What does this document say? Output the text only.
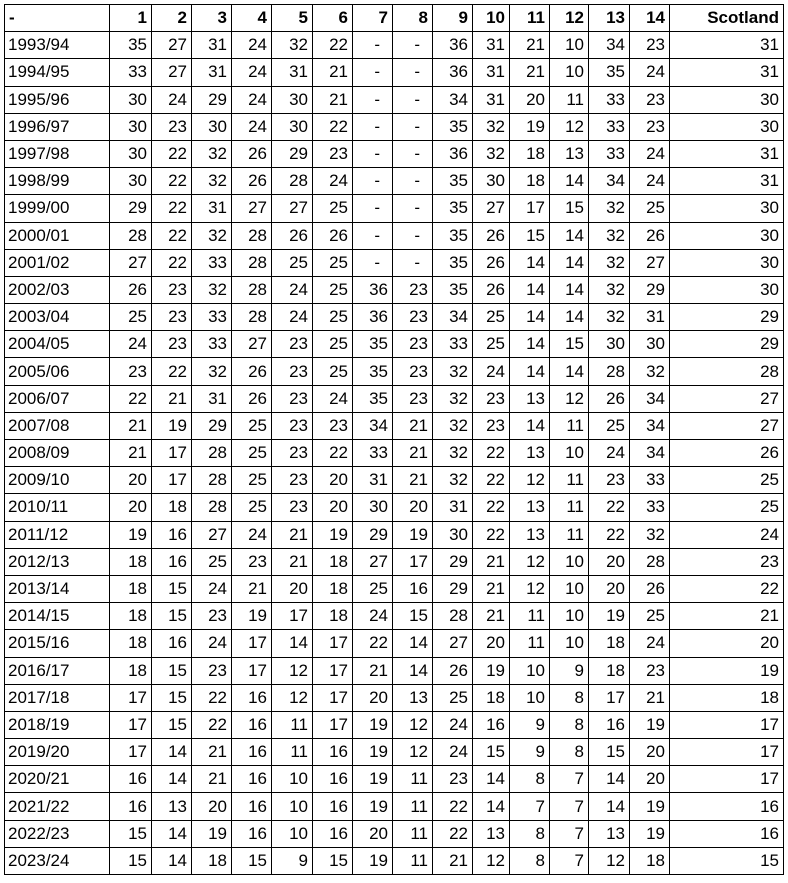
-	1	2	3	4	5	6	7	8	9	10	11	12	13	14	Scotland
1993/94	35	27	31	24	32	22	-	-	36	31	21	10	34	23	31
1994/95	33	27	31	24	31	21	-	-	36	31	21	10	35	24	31
1995/96	30	24	29	24	30	21	-	-	34	31	20	11	33	23	30
1996/97	30	23	30	24	30	22	-	-	35	32	19	12	33	23	30
1997/98	30	22	32	26	29	23	-	-	36	32	18	13	33	24	31
1998/99	30	22	32	26	28	24	-	-	35	30	18	14	34	24	31
1999/00	29	22	31	27	27	25	-	-	35	27	17	15	32	25	30
2000/01	28	22	32	28	26	26	-	-	35	26	15	14	32	26	30
2001/02	27	22	33	28	25	25	-	-	35	26	14	14	32	27	30
2002/03	26	23	32	28	24	25	36	23	35	26	14	14	32	29	30
2003/04	25	23	33	28	24	25	36	23	34	25	14	14	32	31	29
2004/05	24	23	33	27	23	25	35	23	33	25	14	15	30	30	29
2005/06	23	22	32	26	23	25	35	23	32	24	14	14	28	32	28
2006/07	22	21	31	26	23	24	35	23	32	23	13	12	26	34	27
2007/08	21	19	29	25	23	23	34	21	32	23	14	11	25	34	27
2008/09	21	17	28	25	23	22	33	21	32	22	13	10	24	34	26
2009/10	20	17	28	25	23	20	31	21	32	22	12	11	23	33	25
2010/11	20	18	28	25	23	20	30	20	31	22	13	11	22	33	25
2011/12	19	16	27	24	21	19	29	19	30	22	13	11	22	32	24
2012/13	18	16	25	23	21	18	27	17	29	21	12	10	20	28	23
2013/14	18	15	24	21	20	18	25	16	29	21	12	10	20	26	22
2014/15	18	15	23	19	17	18	24	15	28	21	11	10	19	25	21
2015/16	18	16	24	17	14	17	22	14	27	20	11	10	18	24	20
2016/17	18	15	23	17	12	17	21	14	26	19	10	9	18	23	19
2017/18	17	15	22	16	12	17	20	13	25	18	10	8	17	21	18
2018/19	17	15	22	16	11	17	19	12	24	16	9	8	16	19	17
2019/20	17	14	21	16	11	16	19	12	24	15	9	8	15	20	17
2020/21	16	14	21	16	10	16	19	11	23	14	8	7	14	20	17
2021/22	16	13	20	16	10	16	19	11	22	14	7	7	14	19	16
2022/23	15	14	19	16	10	16	20	11	22	13	8	7	13	19	16
2023/24	15	14	18	15	9	15	19	11	21	12	8	7	12	18	15
